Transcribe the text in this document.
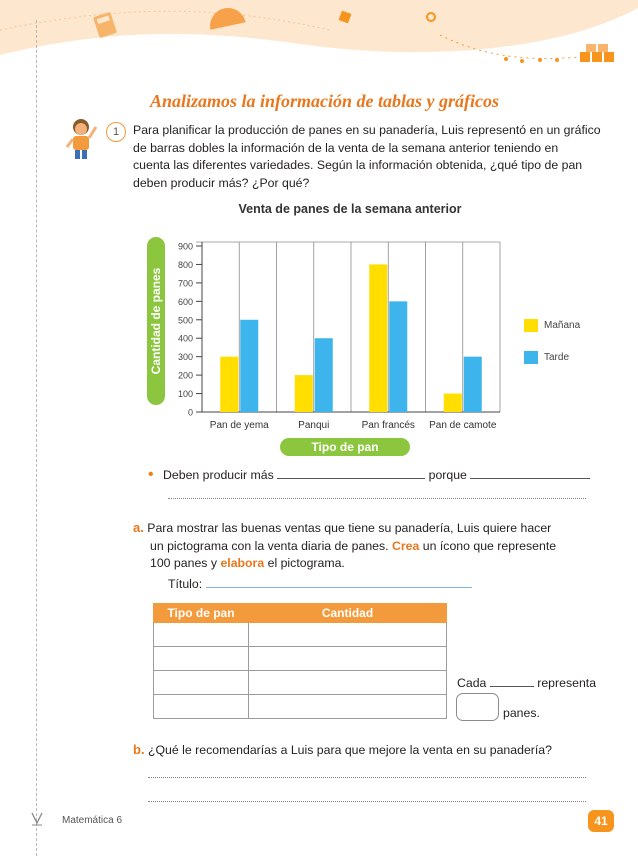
Analizamos la información de tablas y gráficos
1	Para planificar la producción de panes en su panadería, Luis representó en un gráfico
de barras dobles la información de la venta de la semana anterior teniendo en
cuenta las diferentes variedades. Según la información obtenida, ¿qué tipo de pan
deben producir más? ¿Por qué?
Venta de panes de la semana anterior
Cantidad de panes
0
100
200
300
400
500
600
700
800
900
Pan de yema	Panqui	Pan francés Pan de camote
Tipo de pan
Mañana
Tarde
• Deben producir más	porque
a. Para mostrar las buenas ventas que tiene su panadería, Luis quiere hacer
un pictograma con la venta diaria de panes. Crea un ícono que represente
100 panes y elabora el pictograma.
Título:
Tipo de pan	Cantidad

Cada	representa
panes.
b. ¿Qué le recomendarías a Luis para que mejore la venta en su panadería?
Matemática 6	41
